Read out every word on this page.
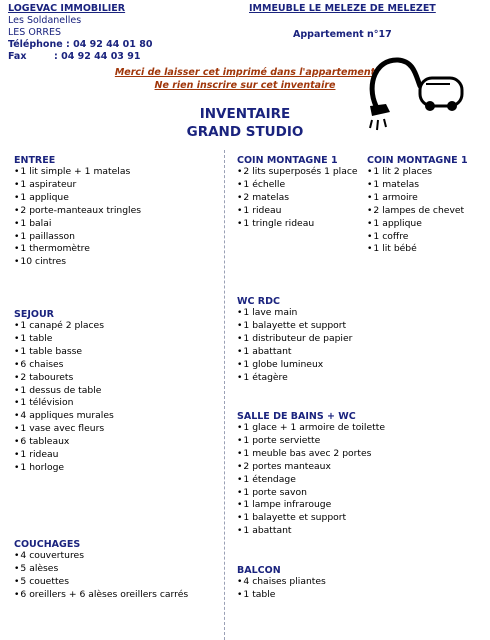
LOGEVAC IMMOBILIER
Les Soldanelles
LES ORRES
Téléphone : 04 92 44 01 80
Fax	: 04 92 44 03 91
IMMEUBLE LE MELEZE DE MELEZET
Appartement n°17
Merci de laisser cet imprimé dans l'appartement
Ne rien inscrire sur cet inventaire
INVENTAIRE
GRAND STUDIO
ENTREE
• 1 lit simple + 1 matelas
• 1 aspirateur
• 1 applique
• 2 porte-manteaux tringles
• 1 balai
• 1 paillasson
• 1 thermomètre
• 10 cintres
COIN MONTAGNE 1
• 2 lits superposés 1 place
• 1 échelle
• 2 matelas
• 1 rideau
• 1 tringle rideau
COIN MONTAGNE 1
• 1 lit 2 places
• 1 matelas
• 1 armoire
• 2 lampes de chevet
• 1 applique
• 1 coffre
• 1 lit bébé
SEJOUR
• 1 canapé 2 places
• 1 table
• 1 table basse
• 6 chaises
• 2 tabourets
• 1 dessus de table
• 1 télévision
• 4 appliques murales
• 1 vase avec fleurs
• 6 tableaux
• 1 rideau
• 1 horloge
WC RDC
• 1 lave main
• 1 balayette et support
• 1 distributeur de papier
• 1 abattant
• 1 globe lumineux
• 1 étagère
SALLE DE BAINS + WC
• 1 glace + 1 armoire de toilette
• 1 porte serviette
• 1 meuble bas avec 2 portes
• 2 portes manteaux
• 1 étendage
• 1 porte savon
• 1 lampe infrarouge
• 1 balayette et support
• 1 abattant
COUCHAGES
• 4 couvertures
• 5 alèses
• 5 couettes
• 6 oreillers + 6 alèses oreillers carrés
BALCON
• 4 chaises pliantes
• 1 table
